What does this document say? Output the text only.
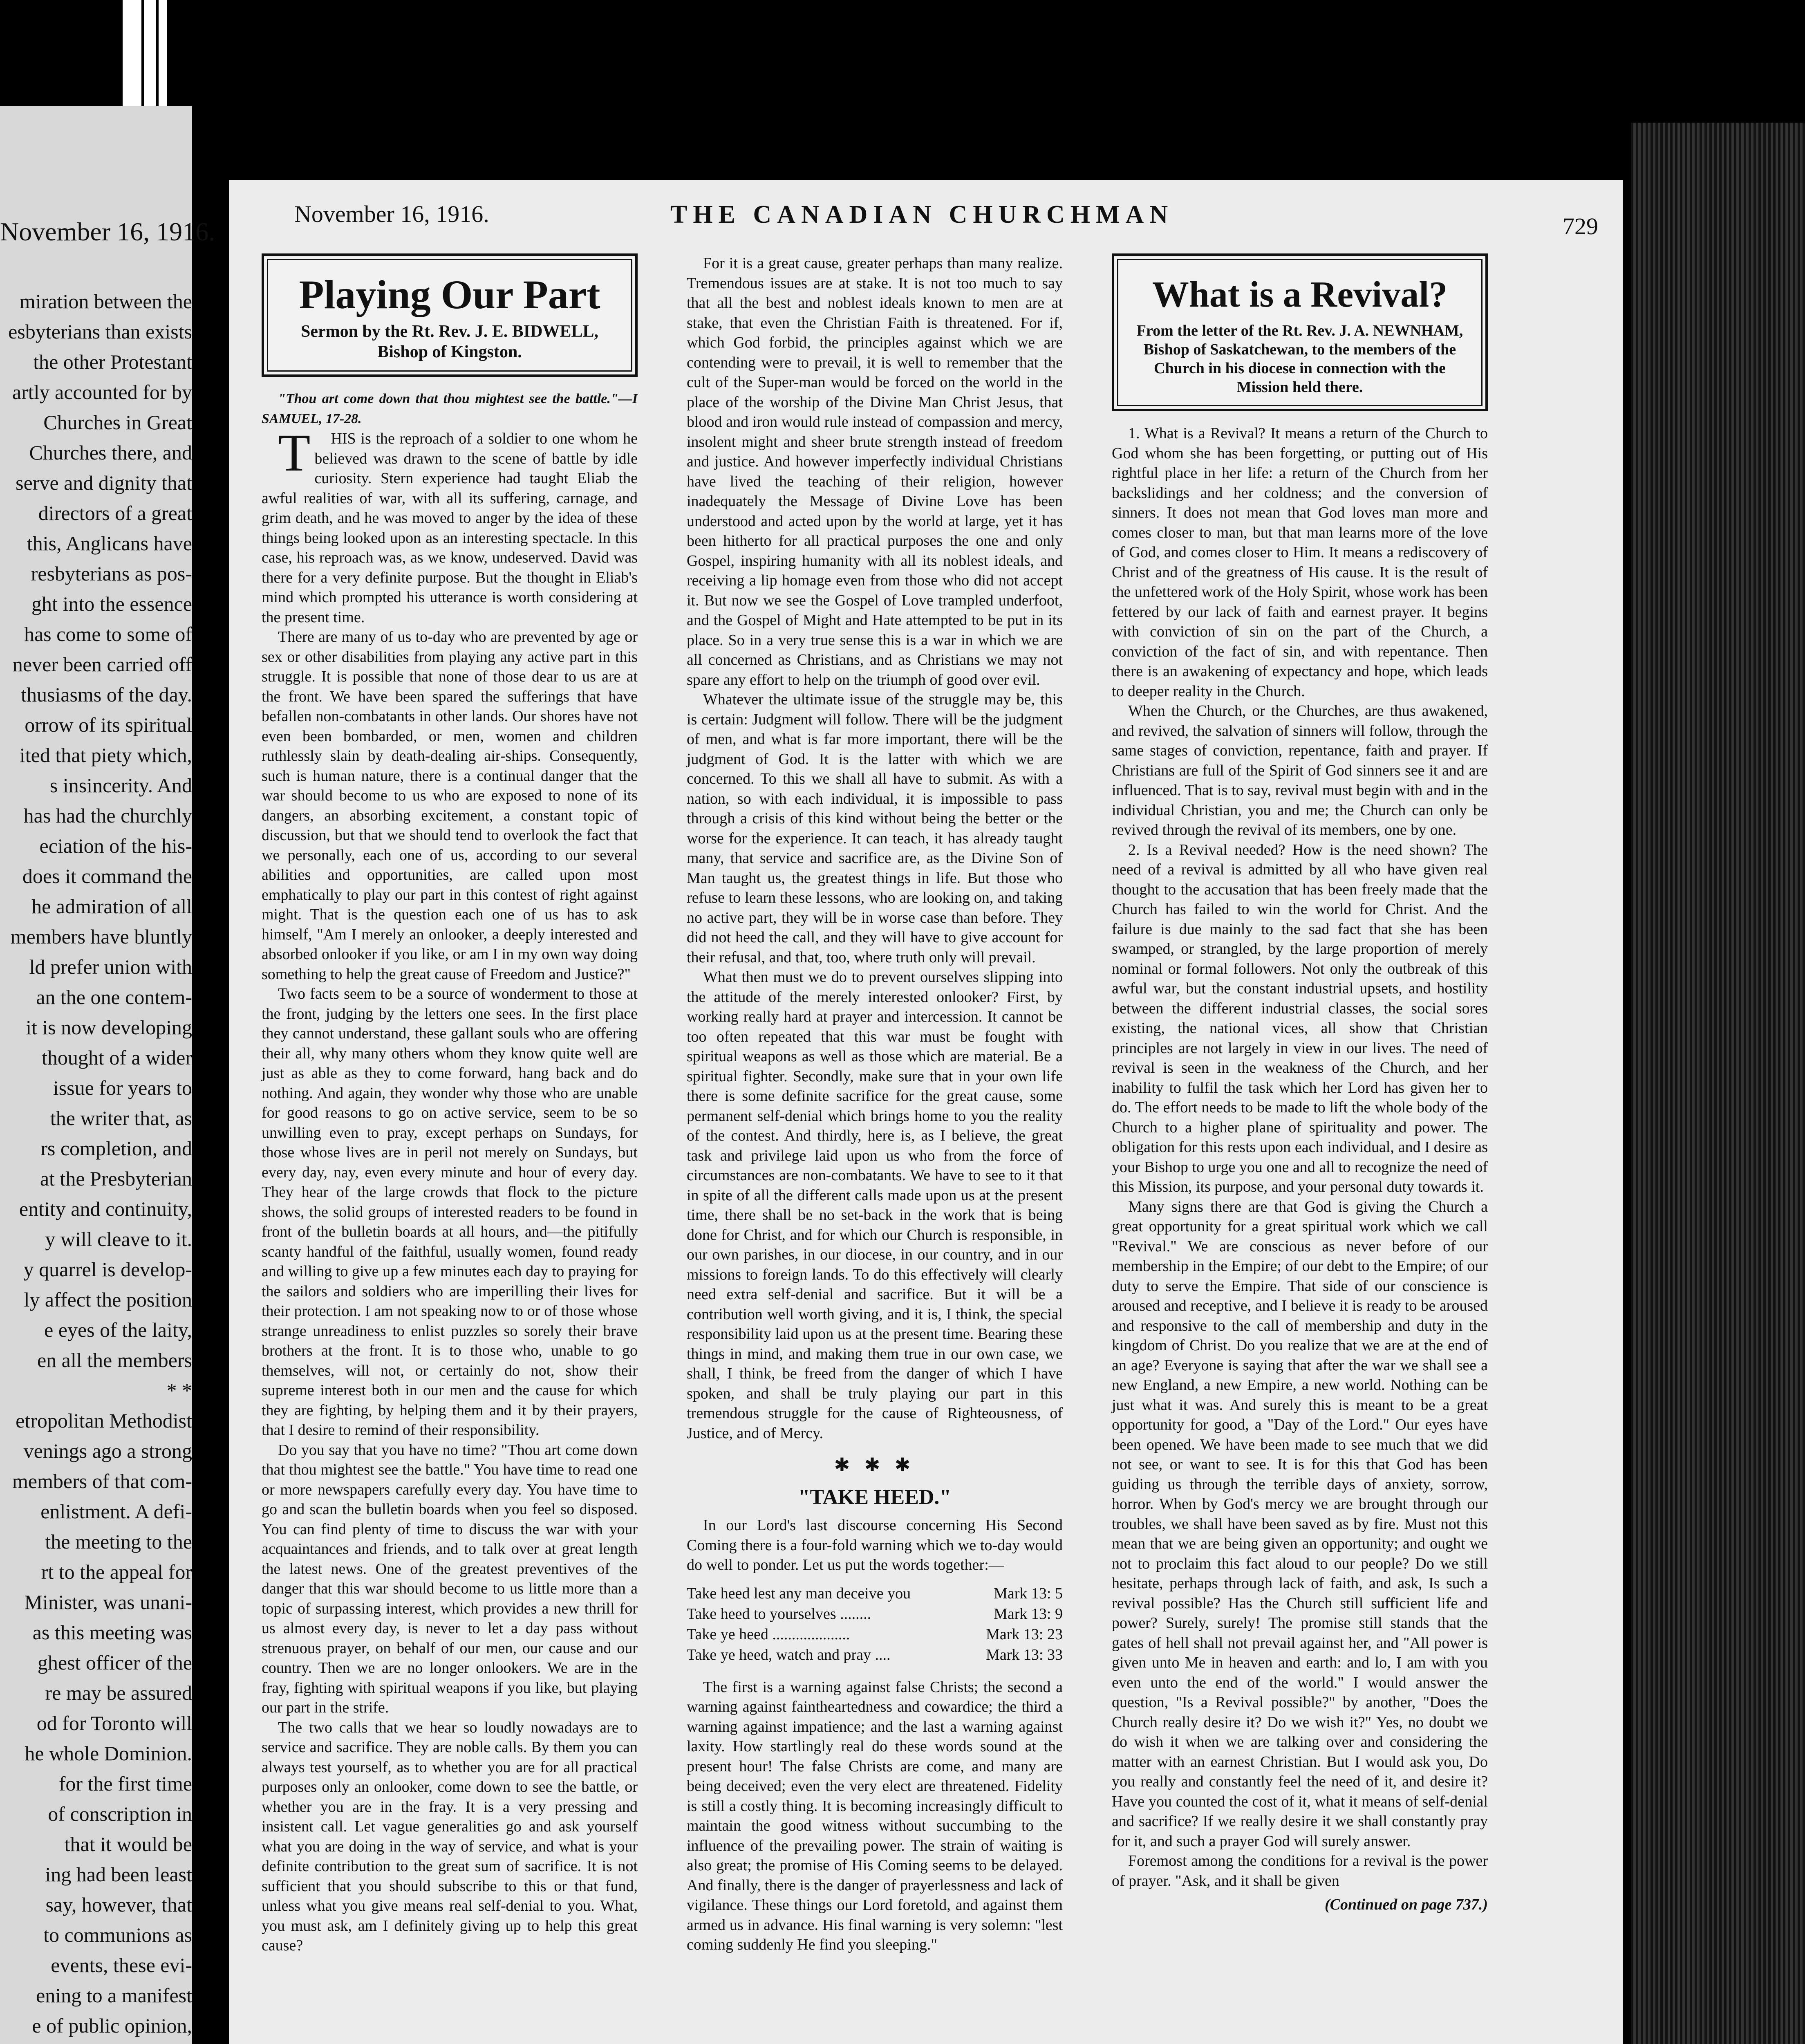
November 16, 1916.

miration between the

esbyterians than exists

the other Protestant

artly accounted for by

Churches in Great

Churches there, and

serve and dignity that

directors of a great

this, Anglicans have

resbyterians as pos-

ght into the essence

has come to some of

never been carried off

thusiasms of the day.

orrow of its spiritual

ited that piety which,

s insincerity. And

has had the churchly

eciation of the his-

does it command the

he admiration of all

members have bluntly

ld prefer union with

an the one contem-

it is now developing

thought of a wider

issue for years to

the writer that, as

rs completion, and

at the Presbyterian

entity and continuity,

y will cleave to it.

y quarrel is develop-

ly affect the position

e eyes of the laity,

en all the members

* *

etropolitan Methodist

venings ago a strong

members of that com-

enlistment. A defi-

the meeting to the

rt to the appeal for

Minister, was unani-

as this meeting was

ghest officer of the

re may be assured

od for Toronto will

he whole Dominion.

for the first time

of conscription in

that it would be

ing had been least

say, however, that

to communions as

events, these evi-

ening to a manifest

e of public opinion,

November 16, 1916.	THE CANADIAN CHURCHMAN	729
Playing Our Part
Sermon by the Rt. Rev. J. E. BIDWELL,
Bishop of Kingston.

"Thou art come down that thou mightest see the battle."—I SAMUEL, 17-28.

THIS is the reproach of a soldier to one whom he believed was drawn to the scene of battle by idle curiosity. Stern experience had taught Eliab the awful realities of war, with all its suffering, carnage, and grim death, and he was moved to anger by the idea of these things being looked upon as an interesting spectacle. In this case, his reproach was, as we know, undeserved. David was there for a very definite purpose. But the thought in Eliab's mind which prompted his utterance is worth considering at the present time.

There are many of us to-day who are prevented by age or sex or other disabilities from playing any active part in this struggle. It is possible that none of those dear to us are at the front. We have been spared the sufferings that have befallen non-combatants in other lands. Our shores have not even been bombarded, or men, women and children ruthlessly slain by death-dealing air-ships. Consequently, such is human nature, there is a continual danger that the war should become to us who are exposed to none of its dangers, an absorbing excitement, a constant topic of discussion, but that we should tend to overlook the fact that we personally, each one of us, according to our several abilities and opportunities, are called upon most emphatically to play our part in this contest of right against might. That is the question each one of us has to ask himself, "Am I merely an onlooker, a deeply interested and absorbed onlooker if you like, or am I in my own way doing something to help the great cause of Freedom and Justice?"

Two facts seem to be a source of wonderment to those at the front, judging by the letters one sees. In the first place they cannot understand, these gallant souls who are offering their all, why many others whom they know quite well are just as able as they to come forward, hang back and do nothing. And again, they wonder why those who are unable for good reasons to go on active service, seem to be so unwilling even to pray, except perhaps on Sundays, for those whose lives are in peril not merely on Sundays, but every day, nay, even every minute and hour of every day. They hear of the large crowds that flock to the picture shows, the solid groups of interested readers to be found in front of the bulletin boards at all hours, and—the pitifully scanty handful of the faithful, usually women, found ready and willing to give up a few minutes each day to praying for the sailors and soldiers who are imperilling their lives for their protection. I am not speaking now to or of those whose strange unreadiness to enlist puzzles so sorely their brave brothers at the front. It is to those who, unable to go themselves, will not, or certainly do not, show their supreme interest both in our men and the cause for which they are fighting, by helping them and it by their prayers, that I desire to remind of their responsibility.

Do you say that you have no time? "Thou art come down that thou mightest see the battle." You have time to read one or more newspapers carefully every day. You have time to go and scan the bulletin boards when you feel so disposed. You can find plenty of time to discuss the war with your acquaintances and friends, and to talk over at great length the latest news. One of the greatest preventives of the danger that this war should become to us little more than a topic of surpassing interest, which provides a new thrill for us almost every day, is never to let a day pass without strenuous prayer, on behalf of our men, our cause and our country. Then we are no longer onlookers. We are in the fray, fighting with spiritual weapons if you like, but playing our part in the strife.

The two calls that we hear so loudly nowadays are to service and sacrifice. They are noble calls. By them you can always test yourself, as to whether you are for all practical purposes only an onlooker, come down to see the battle, or whether you are in the fray. It is a very pressing and insistent call. Let vague generalities go and ask yourself what you are doing in the way of service, and what is your definite contribution to the great sum of sacrifice. It is not sufficient that you should subscribe to this or that fund, unless what you give means real self-denial to you. What, you must ask, am I definitely giving up to help this great cause?

For it is a great cause, greater perhaps than many realize. Tremendous issues are at stake. It is not too much to say that all the best and noblest ideals known to men are at stake, that even the Christian Faith is threatened. For if, which God forbid, the principles against which we are contending were to prevail, it is well to remember that the cult of the Super-man would be forced on the world in the place of the worship of the Divine Man Christ Jesus, that blood and iron would rule instead of compassion and mercy, insolent might and sheer brute strength instead of freedom and justice. And however imperfectly individual Christians have lived the teaching of their religion, however inadequately the Message of Divine Love has been understood and acted upon by the world at large, yet it has been hitherto for all practical purposes the one and only Gospel, inspiring humanity with all its noblest ideals, and receiving a lip homage even from those who did not accept it. But now we see the Gospel of Love trampled underfoot, and the Gospel of Might and Hate attempted to be put in its place. So in a very true sense this is a war in which we are all concerned as Christians, and as Christians we may not spare any effort to help on the triumph of good over evil.

Whatever the ultimate issue of the struggle may be, this is certain: Judgment will follow. There will be the judgment of men, and what is far more important, there will be the judgment of God. It is the latter with which we are concerned. To this we shall all have to submit. As with a nation, so with each individual, it is impossible to pass through a crisis of this kind without being the better or the worse for the experience. It can teach, it has already taught many, that service and sacrifice are, as the Divine Son of Man taught us, the greatest things in life. But those who refuse to learn these lessons, who are looking on, and taking no active part, they will be in worse case than before. They did not heed the call, and they will have to give account for their refusal, and that, too, where truth only will prevail.

What then must we do to prevent ourselves slipping into the attitude of the merely interested onlooker? First, by working really hard at prayer and intercession. It cannot be too often repeated that this war must be fought with spiritual weapons as well as those which are material. Be a spiritual fighter. Secondly, make sure that in your own life there is some definite sacrifice for the great cause, some permanent self-denial which brings home to you the reality of the contest. And thirdly, here is, as I believe, the great task and privilege laid upon us who from the force of circumstances are non-combatants. We have to see to it that in spite of all the different calls made upon us at the present time, there shall be no set-back in the work that is being done for Christ, and for which our Church is responsible, in our own parishes, in our diocese, in our country, and in our missions to foreign lands. To do this effectively will clearly need extra self-denial and sacrifice. But it will be a contribution well worth giving, and it is, I think, the special responsibility laid upon us at the present time. Bearing these things in mind, and making them true in our own case, we shall, I think, be freed from the danger of which I have spoken, and shall be truly playing our part in this tremendous struggle for the cause of Righteousness, of Justice, and of Mercy.

✱ ✱ ✱
"TAKE HEED."

In our Lord's last discourse concerning His Second Coming there is a four-fold warning which we to-day would do well to ponder. Let us put the words together:—

Take heed lest any man deceive you	Mark 13: 5
Take heed to yourselves ........	Mark 13: 9
Take ye heed ....................	Mark 13: 23
Take ye heed, watch and pray ....	Mark 13: 33

The first is a warning against false Christs; the second a warning against faintheartedness and cowardice; the third a warning against impatience; and the last a warning against laxity. How startlingly real do these words sound at the present hour! The false Christs are come, and many are being deceived; even the very elect are threatened. Fidelity is still a costly thing. It is becoming increasingly difficult to maintain the good witness without succumbing to the influence of the prevailing power. The strain of waiting is also great; the promise of His Coming seems to be delayed. And finally, there is the danger of prayerlessness and lack of vigilance. These things our Lord foretold, and against them armed us in advance. His final warning is very solemn: "lest coming suddenly He find you sleeping."

What is a Revival?
From the letter of the Rt. Rev. J. A. NEWNHAM, Bishop of Saskatchewan, to the members of the Church in his diocese in connection with the Mission held there.

1. What is a Revival? It means a return of the Church to God whom she has been forgetting, or putting out of His rightful place in her life: a return of the Church from her backslidings and her coldness; and the conversion of sinners. It does not mean that God loves man more and comes closer to man, but that man learns more of the love of God, and comes closer to Him. It means a rediscovery of Christ and of the greatness of His cause. It is the result of the unfettered work of the Holy Spirit, whose work has been fettered by our lack of faith and earnest prayer. It begins with conviction of sin on the part of the Church, a conviction of the fact of sin, and with repentance. Then there is an awakening of expectancy and hope, which leads to deeper reality in the Church.

When the Church, or the Churches, are thus awakened, and revived, the salvation of sinners will follow, through the same stages of conviction, repentance, faith and prayer. If Christians are full of the Spirit of God sinners see it and are influenced. That is to say, revival must begin with and in the individual Christian, you and me; the Church can only be revived through the revival of its members, one by one.

2. Is a Revival needed? How is the need shown? The need of a revival is admitted by all who have given real thought to the accusation that has been freely made that the Church has failed to win the world for Christ. And the failure is due mainly to the sad fact that she has been swamped, or strangled, by the large proportion of merely nominal or formal followers. Not only the outbreak of this awful war, but the constant industrial upsets, and hostility between the different industrial classes, the social sores existing, the national vices, all show that Christian principles are not largely in view in our lives. The need of revival is seen in the weakness of the Church, and her inability to fulfil the task which her Lord has given her to do. The effort needs to be made to lift the whole body of the Church to a higher plane of spirituality and power. The obligation for this rests upon each individual, and I desire as your Bishop to urge you one and all to recognize the need of this Mission, its purpose, and your personal duty towards it.

Many signs there are that God is giving the Church a great opportunity for a great spiritual work which we call "Revival." We are conscious as never before of our membership in the Empire; of our debt to the Empire; of our duty to serve the Empire. That side of our conscience is aroused and receptive, and I believe it is ready to be aroused and responsive to the call of membership and duty in the kingdom of Christ. Do you realize that we are at the end of an age? Everyone is saying that after the war we shall see a new England, a new Empire, a new world. Nothing can be just what it was. And surely this is meant to be a great opportunity for good, a "Day of the Lord." Our eyes have been opened. We have been made to see much that we did not see, or want to see. It is for this that God has been guiding us through the terrible days of anxiety, sorrow, horror. When by God's mercy we are brought through our troubles, we shall have been saved as by fire. Must not this mean that we are being given an opportunity; and ought we not to proclaim this fact aloud to our people? Do we still hesitate, perhaps through lack of faith, and ask, Is such a revival possible? Has the Church still sufficient life and power? Surely, surely! The promise still stands that the gates of hell shall not prevail against her, and "All power is given unto Me in heaven and earth: and lo, I am with you even unto the end of the world." I would answer the question, "Is a Revival possible?" by another, "Does the Church really desire it? Do we wish it?" Yes, no doubt we do wish it when we are talking over and considering the matter with an earnest Christian. But I would ask you, Do you really and constantly feel the need of it, and desire it? Have you counted the cost of it, what it means of self-denial and sacrifice? If we really desire it we shall constantly pray for it, and such a prayer God will surely answer.

Foremost among the conditions for a revival is the power of prayer. "Ask, and it shall be given

(Continued on page 737.)
